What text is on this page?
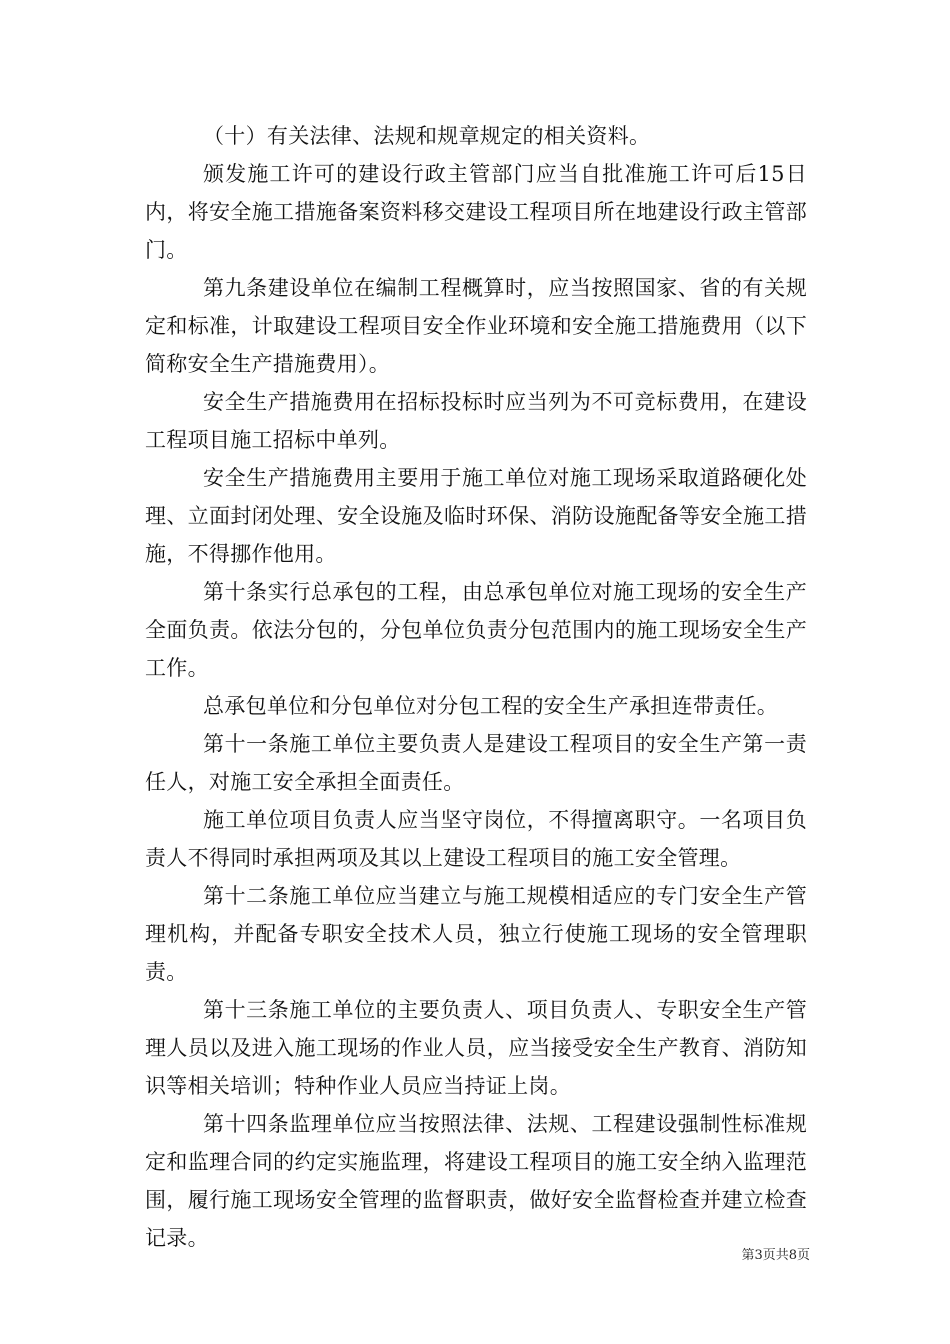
（十）有关法律、法规和规章规定的相关资料。

颁发施工许可的建设行政主管部门应当自批准施工许可后15日内，将安全施工措施备案资料移交建设工程项目所在地建设行政主管部门。

第九条建设单位在编制工程概算时，应当按照国家、省的有关规定和标准，计取建设工程项目安全作业环境和安全施工措施费用（以下简称安全生产措施费用）。

安全生产措施费用在招标投标时应当列为不可竞标费用，在建设工程项目施工招标中单列。

安全生产措施费用主要用于施工单位对施工现场采取道路硬化处理、立面封闭处理、安全设施及临时环保、消防设施配备等安全施工措施，不得挪作他用。

第十条实行总承包的工程，由总承包单位对施工现场的安全生产全面负责。依法分包的，分包单位负责分包范围内的施工现场安全生产工作。

总承包单位和分包单位对分包工程的安全生产承担连带责任。

第十一条施工单位主要负责人是建设工程项目的安全生产第一责任人，对施工安全承担全面责任。

施工单位项目负责人应当坚守岗位，不得擅离职守。一名项目负责人不得同时承担两项及其以上建设工程项目的施工安全管理。

第十二条施工单位应当建立与施工规模相适应的专门安全生产管理机构，并配备专职安全技术人员，独立行使施工现场的安全管理职责。

第十三条施工单位的主要负责人、项目负责人、专职安全生产管理人员以及进入施工现场的作业人员，应当接受安全生产教育、消防知识等相关培训；特种作业人员应当持证上岗。

第十四条监理单位应当按照法律、法规、工程建设强制性标准规定和监理合同的约定实施监理，将建设工程项目的施工安全纳入监理范围，履行施工现场安全管理的监督职责，做好安全监督检查并建立检查记录。

第3页共8页
